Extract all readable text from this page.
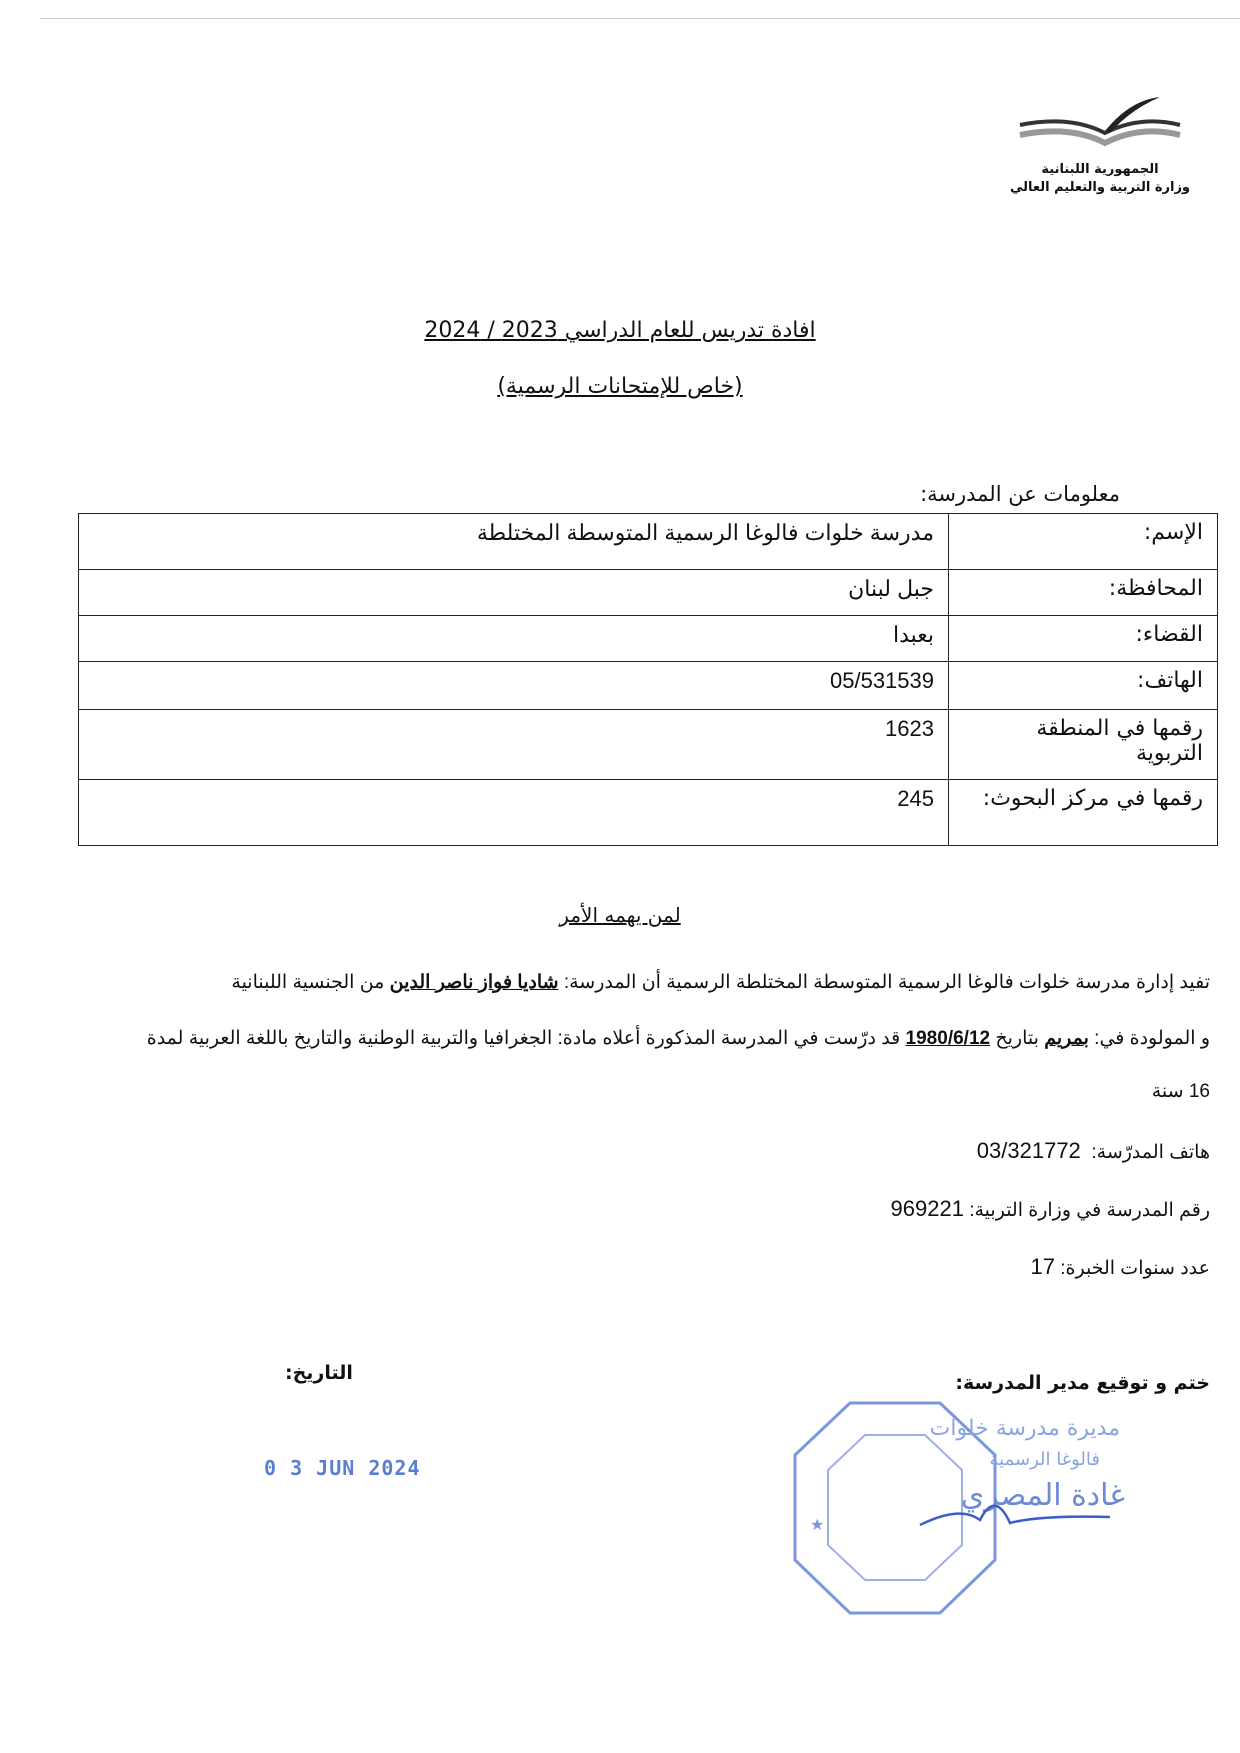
الجمهورية اللبنانية
وزارة التربية والتعليم العالي
افادة تدريس للعام الدراسي 2023 / 2024
(خاص للإمتحانات الرسمية)
معلومات عن المدرسة:
الإسم:	مدرسة خلوات فالوغا الرسمية المتوسطة المختلطة
المحافظة:	جبل لبنان
القضاء:	بعبدا
الهاتف:	05/531539
رقمها في المنطقة التربوية	1623
رقمها في مركز البحوث:	245
لمن يهمه الأمر
تفيد إدارة مدرسة خلوات فالوغا الرسمية المتوسطة المختلطة الرسمية أن المدرسة: شاديا فواز ناصر الدين من الجنسية اللبنانية
و المولودة في: بمريم بتاريخ 1980/6/12 قد درّست في المدرسة المذكورة أعلاه مادة: الجغرافيا والتربية الوطنية والتاريخ باللغة العربية لمدة
16 سنة
هاتف المدرّسة:  03/321772
رقم المدرسة في وزارة التربية: 969221
عدد سنوات الخبرة: 17
ختم و توقيع مدير المدرسة:
التاريخ:
0 3 JUN 2024
مديرة مدرسة خلوات
فالوغا الرسمية
غادة المصري
★
